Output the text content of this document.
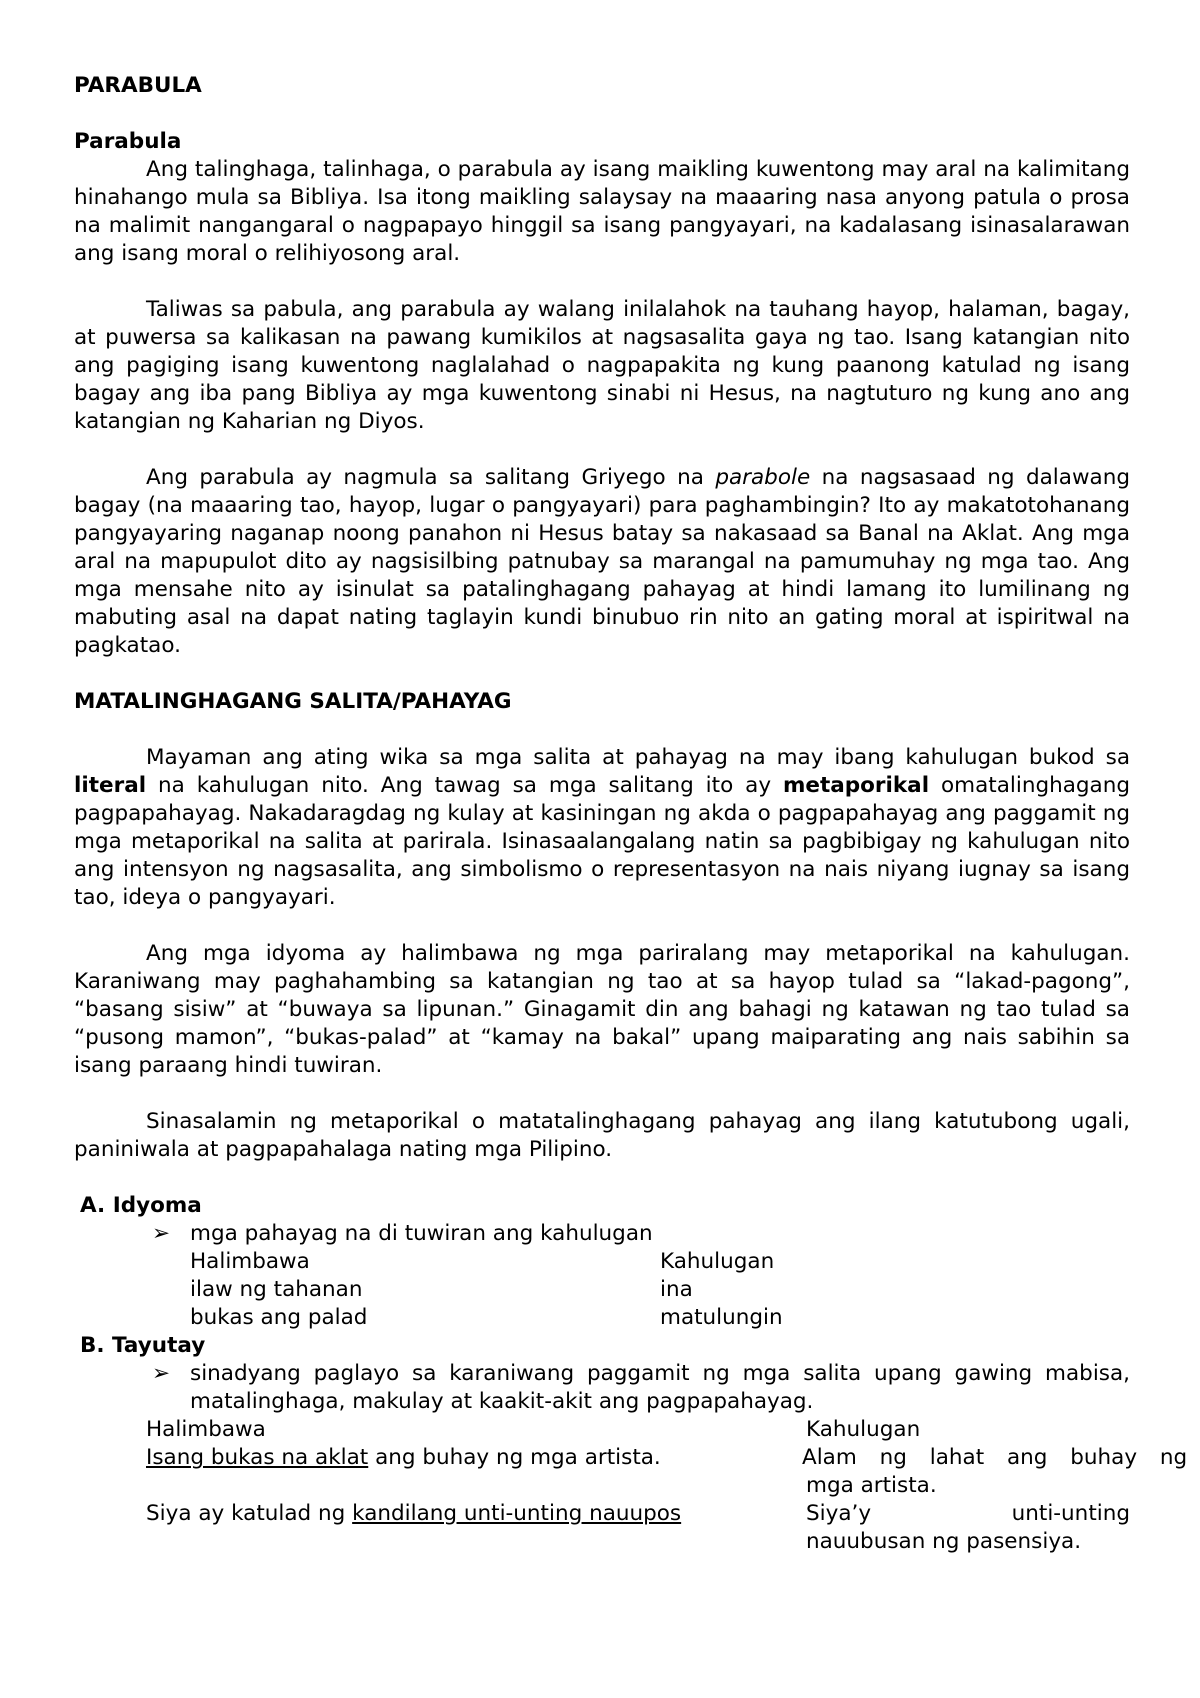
PARABULA
Parabula

Ang talinghaga, talinhaga, o parabula ay isang maikling kuwentong may aral na kalimitang hinahango mula sa Bibliya. Isa itong maikling salaysay na maaaring nasa anyong patula o prosa na malimit nangangaral o nagpapayo hinggil sa isang pangyayari, na kadalasang isinasalarawan ang isang moral o relihiyosong aral.

Taliwas sa pabula, ang parabula ay walang inilalahok na tauhang hayop, halaman, bagay, at puwersa sa kalikasan na pawang kumikilos at nagsasalita gaya ng tao. Isang katangian nito ang pagiging isang kuwentong naglalahad o nagpapakita ng kung paanong katulad ng isang bagay ang iba pang Bibliya ay mga kuwentong sinabi ni Hesus, na nagtuturo ng kung ano ang katangian ng Kaharian ng Diyos.

Ang parabula ay nagmula sa salitang Griyego na parabole na nagsasaad ng dalawang bagay (na maaaring tao, hayop, lugar o pangyayari) para paghambingin? Ito ay makatotohanang pangyayaring naganap noong panahon ni Hesus batay sa nakasaad sa Banal na Aklat. Ang mga aral na mapupulot dito ay nagsisilbing patnubay sa marangal na pamumuhay ng mga tao. Ang mga mensahe nito ay isinulat sa patalinghagang pahayag at hindi lamang ito lumilinang ng mabuting asal na dapat nating taglayin kundi binubuo rin nito an gating moral at ispiritwal na pagkatao.

MATALINGHAGANG SALITA/PAHAYAG

Mayaman ang ating wika sa mga salita at pahayag na may ibang kahulugan bukod sa literal na kahulugan nito. Ang tawag sa mga salitang ito ay metaporikal omatalinghagang pagpapahayag. Nakadaragdag ng kulay at kasiningan ng akda o pagpapahayag ang paggamit ng mga metaporikal na salita at parirala. Isinasaalangalang natin sa pagbibigay ng kahulugan nito ang intensyon ng nagsasalita, ang simbolismo o representasyon na nais niyang iugnay sa isang tao, ideya o pangyayari.

Ang mga idyoma ay halimbawa ng mga pariralang may metaporikal na kahulugan. Karaniwang may paghahambing sa katangian ng tao at sa hayop tulad sa “lakad-pagong”, “basang sisiw” at “buwaya sa lipunan.” Ginagamit din ang bahagi ng katawan ng tao tulad sa “pusong mamon”, “bukas-palad” at “kamay na bakal” upang maiparating ang nais sabihin sa isang paraang hindi tuwiran.

Sinasalamin ng metaporikal o matatalinghagang pahayag ang ilang katutubong ugali, paniniwala at pagpapahalaga nating mga Pilipino.

A. Idyoma
➢ mga pahayag na di tuwiran ang kahulugan
Halimbawa	Kahulugan
ilaw ng tahanan	ina
bukas ang palad	matulungin
B. Tayutay
➢ sinadyang paglayo sa karaniwang paggamit ng mga salita upang gawing mabisa, matalinghaga, makulay at kaakit-akit ang pagpapahayag.
Halimbawa	Kahulugan
Isang bukas na aklat ang buhay ng mga artista.	Alam ng lahat ang buhay ng
mga artista.
Siya ay katulad ng kandilang unti-unting nauupos	Siya’y unti-unting
nauubusan ng pasensiya.
